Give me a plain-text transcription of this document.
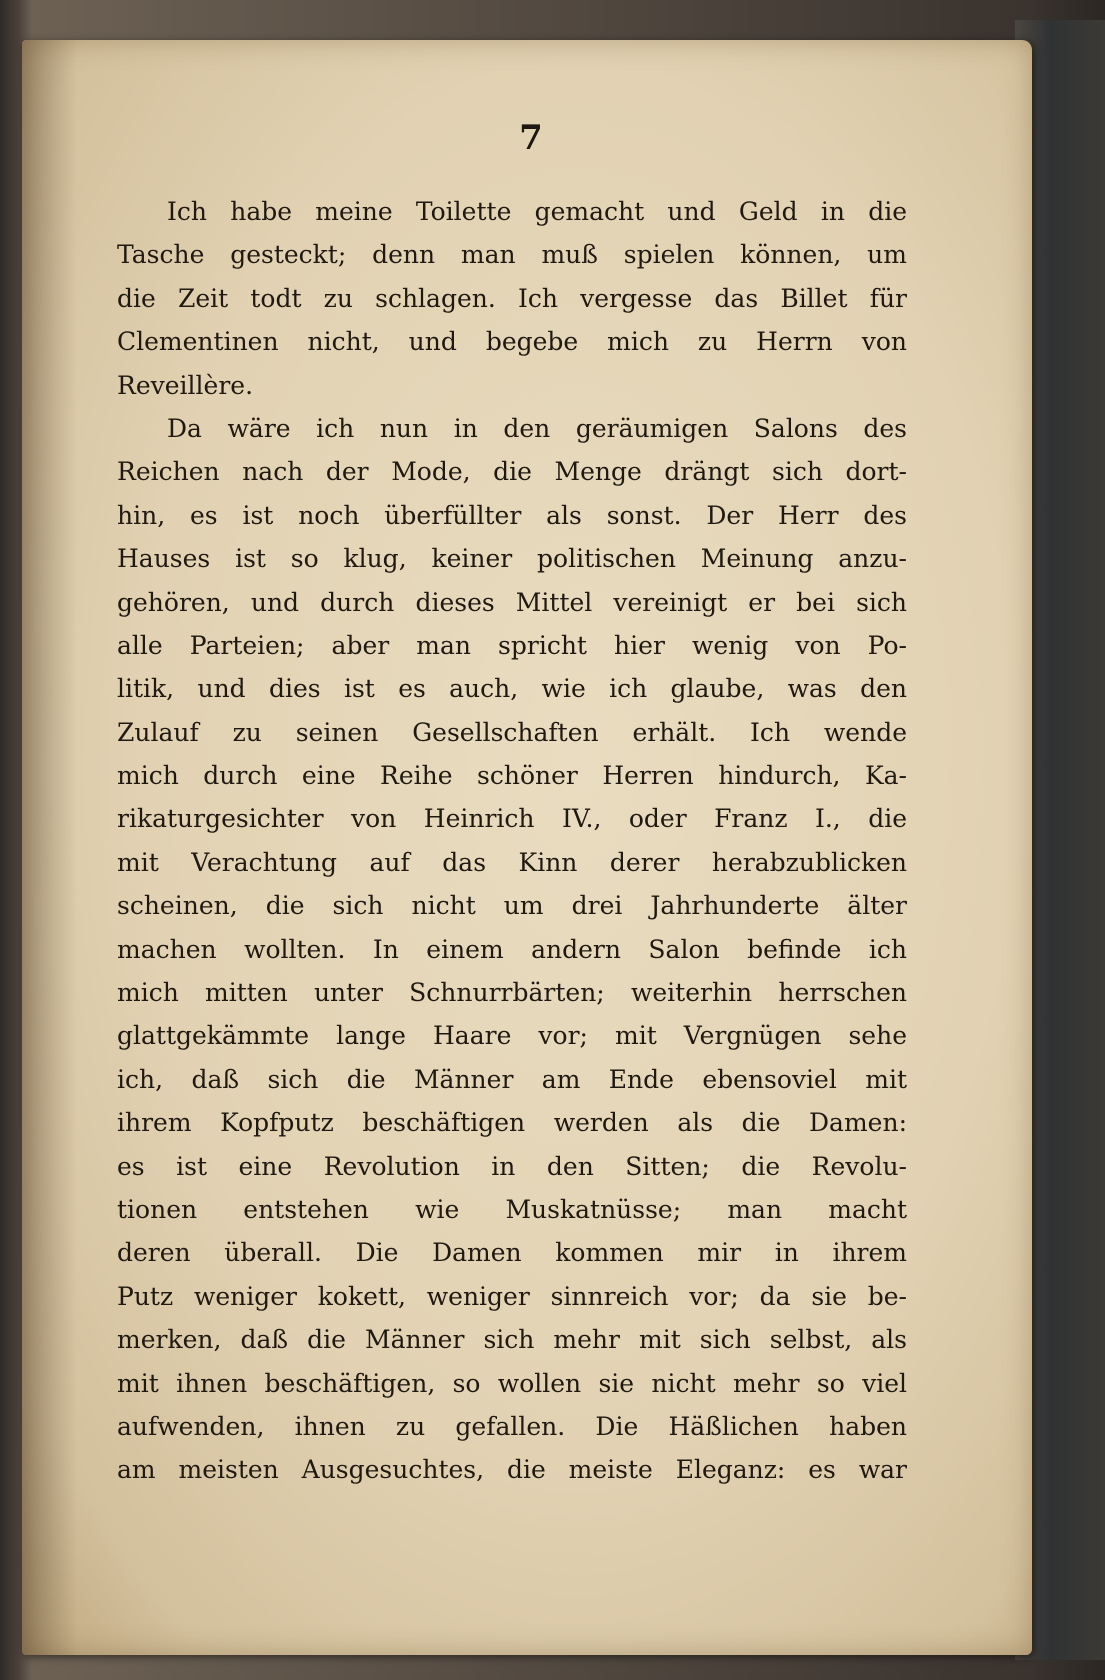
7
Ich habe meine Toilette gemacht und Geld in die
Tasche gesteckt; denn man muß spielen können, um
die Zeit todt zu schlagen. Ich vergesse das Billet für
Clementinen nicht, und begebe mich zu Herrn von
Reveillère.
Da wäre ich nun in den geräumigen Salons des
Reichen nach der Mode, die Menge drängt sich dort-
hin, es ist noch überfüllter als sonst. Der Herr des
Hauses ist so klug, keiner politischen Meinung anzu-
gehören, und durch dieses Mittel vereinigt er bei sich
alle Parteien; aber man spricht hier wenig von Po-
litik, und dies ist es auch, wie ich glaube, was den
Zulauf zu seinen Gesellschaften erhält. Ich wende
mich durch eine Reihe schöner Herren hindurch, Ka-
rikaturgesichter von Heinrich IV., oder Franz I., die
mit Verachtung auf das Kinn derer herabzublicken
scheinen, die sich nicht um drei Jahrhunderte älter
machen wollten. In einem andern Salon befinde ich
mich mitten unter Schnurrbärten; weiterhin herrschen
glattgekämmte lange Haare vor; mit Vergnügen sehe
ich, daß sich die Männer am Ende ebensoviel mit
ihrem Kopfputz beschäftigen werden als die Damen:
es ist eine Revolution in den Sitten; die Revolu-
tionen entstehen wie Muskatnüsse; man macht
deren überall. Die Damen kommen mir in ihrem
Putz weniger kokett, weniger sinnreich vor; da sie be-
merken, daß die Männer sich mehr mit sich selbst, als
mit ihnen beschäftigen, so wollen sie nicht mehr so viel
aufwenden, ihnen zu gefallen. Die Häßlichen haben
am meisten Ausgesuchtes, die meiste Eleganz: es war
